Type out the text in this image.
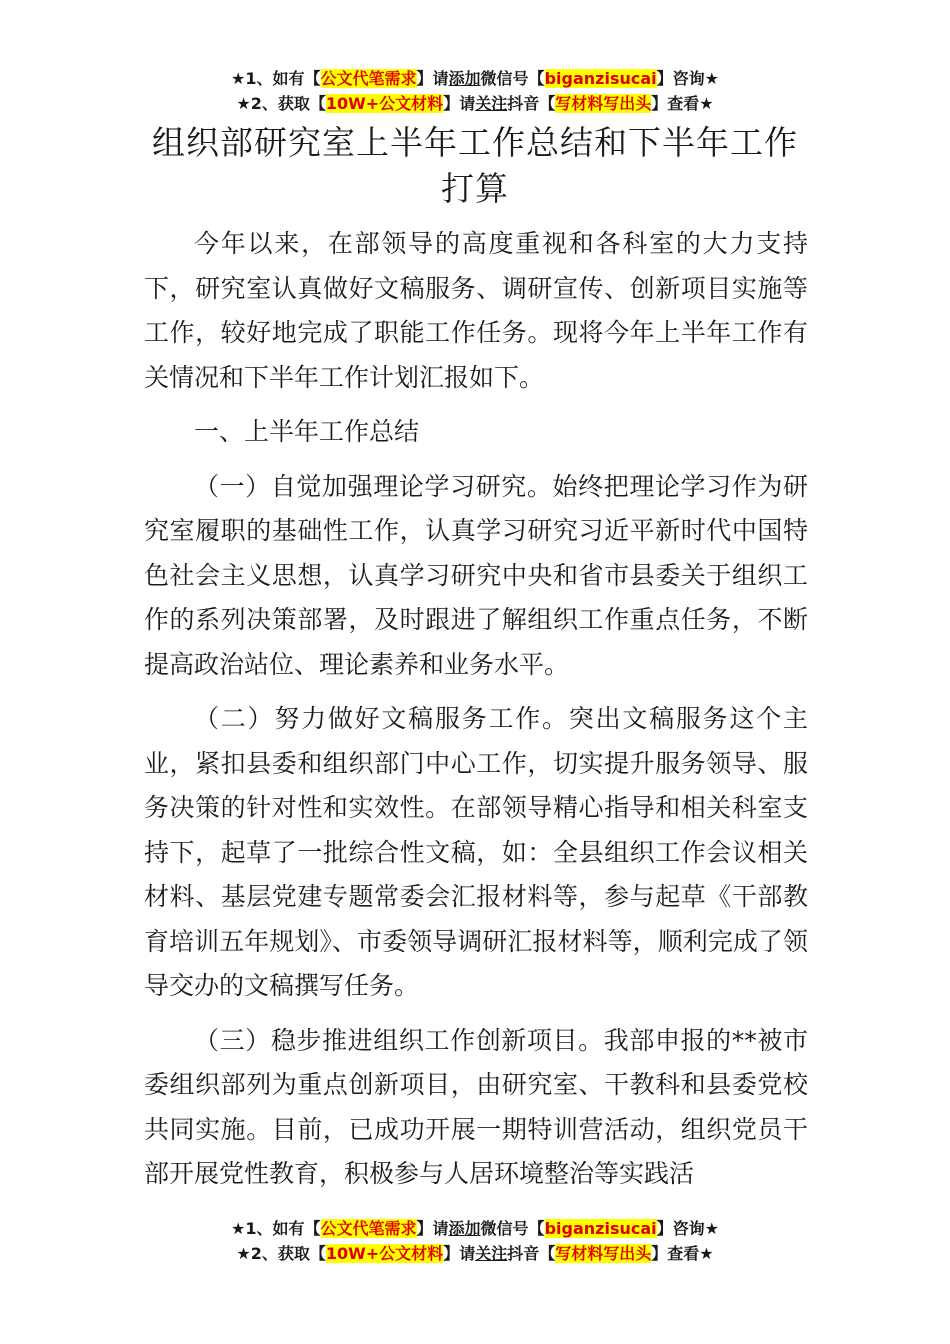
★1、如有【公文代笔需求】请添加微信号【biganzisucai】咨询★
★2、获取【10W+公文材料】请关注抖音【写材料写出头】查看★
组织部研究室上半年工作总结和下半年工作打算

今年以来，在部领导的高度重视和各科室的大力支持下，研究室认真做好文稿服务、调研宣传、创新项目实施等工作，较好地完成了职能工作任务。现将今年上半年工作有关情况和下半年工作计划汇报如下。

一、上半年工作总结

（一）自觉加强理论学习研究。始终把理论学习作为研究室履职的基础性工作，认真学习研究习近平新时代中国特色社会主义思想，认真学习研究中央和省市县委关于组织工作的系列决策部署，及时跟进了解组织工作重点任务，不断提高政治站位、理论素养和业务水平。

（二）努力做好文稿服务工作。突出文稿服务这个主业，紧扣县委和组织部门中心工作，切实提升服务领导、服务决策的针对性和实效性。在部领导精心指导和相关科室支持下，起草了一批综合性文稿，如：全县组织工作会议相关材料、基层党建专题常委会汇报材料等，参与起草《干部教育培训五年规划》、市委领导调研汇报材料等，顺利完成了领导交办的文稿撰写任务。

（三）稳步推进组织工作创新项目。我部申报的**被市委组织部列为重点创新项目，由研究室、干教科和县委党校共同实施。目前，已成功开展一期特训营活动，组织党员干部开展党性教育，积极参与人居环境整治等实践活

★1、如有【公文代笔需求】请添加微信号【biganzisucai】咨询★
★2、获取【10W+公文材料】请关注抖音【写材料写出头】查看★
